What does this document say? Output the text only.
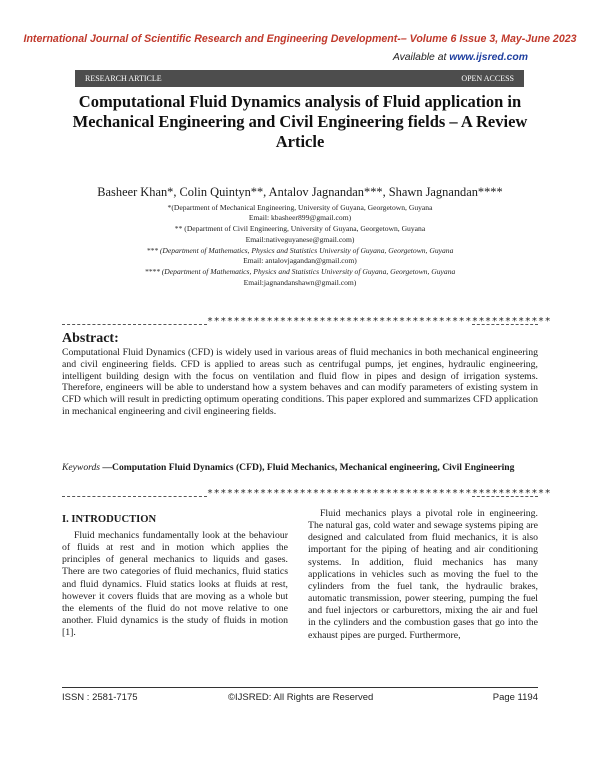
International Journal of Scientific Research and Engineering Development-– Volume 6 Issue 3, May-June 2023
Available at www.ijsred.com
RESEARCH ARTICLE	OPEN ACCESS
Computational Fluid Dynamics analysis of Fluid application in Mechanical Engineering and Civil Engineering fields – A Review Article
Basheer Khan*, Colin Quintyn**, Antalov Jagnandan***, Shawn Jagnandan****
*(Department of Mechanical Engineering, University of Guyana, Georgetown, Guyana
Email: kbasheer899@gmail.com)
** (Department of Civil Engineering, University of Guyana, Georgetown, Guyana
Email:nativeguyanese@gmail.com)
*** (Department of Mathematics, Physics and Statistics University of Guyana, Georgetown, Guyana
Email: antalovjagandan@gmail.com)
**** (Department of Mathematics, Physics and Statistics University of Guyana, Georgetown, Guyana
Email:jagnandanshawn@gmail.com)
****************************************************
Abstract:
Computational Fluid Dynamics (CFD) is widely used in various areas of fluid mechanics in both mechanical engineering and civil engineering fields. CFD is applied to areas such as centrifugal pumps, jet engines, hydraulic engineering, intelligent building design with the focus on ventilation and fluid flow in pipes and design of irrigation systems. Therefore, engineers will be able to understand how a system behaves and can modify parameters of existing system in CFD which will result in predicting optimum operating conditions. This paper explored and summarizes CFD application in mechanical engineering and civil engineering fields.
Keywords —Computation Fluid Dynamics (CFD), Fluid Mechanics, Mechanical engineering, Civil Engineering
****************************************************
I. INTRODUCTION
Fluid mechanics fundamentally look at the behaviour of fluids at rest and in motion which applies the principles of general mechanics to liquids and gases. There are two categories of fluid mechanics, fluid statics and fluid dynamics. Fluid statics looks at fluids at rest, however it covers fluids that are moving as a whole but the elements of the fluid do not move relative to one another. Fluid dynamics is the study of fluids in motion [1].
Fluid mechanics plays a pivotal role in engineering. The natural gas, cold water and sewage systems piping are designed and calculated from fluid mechanics, it is also important for the piping of heating and air conditioning systems. In addition, fluid mechanics has many applications in vehicles such as moving the fuel to the cylinders from the fuel tank, the hydraulic brakes, automatic transmission, power steering, pumping the fuel and fuel injectors or carburettors, mixing the air and fuel in the cylinders and the combustion gases that go into the exhaust pipes are purged. Furthermore,
ISSN : 2581-7175	©IJSRED: All Rights are Reserved	Page 1194
